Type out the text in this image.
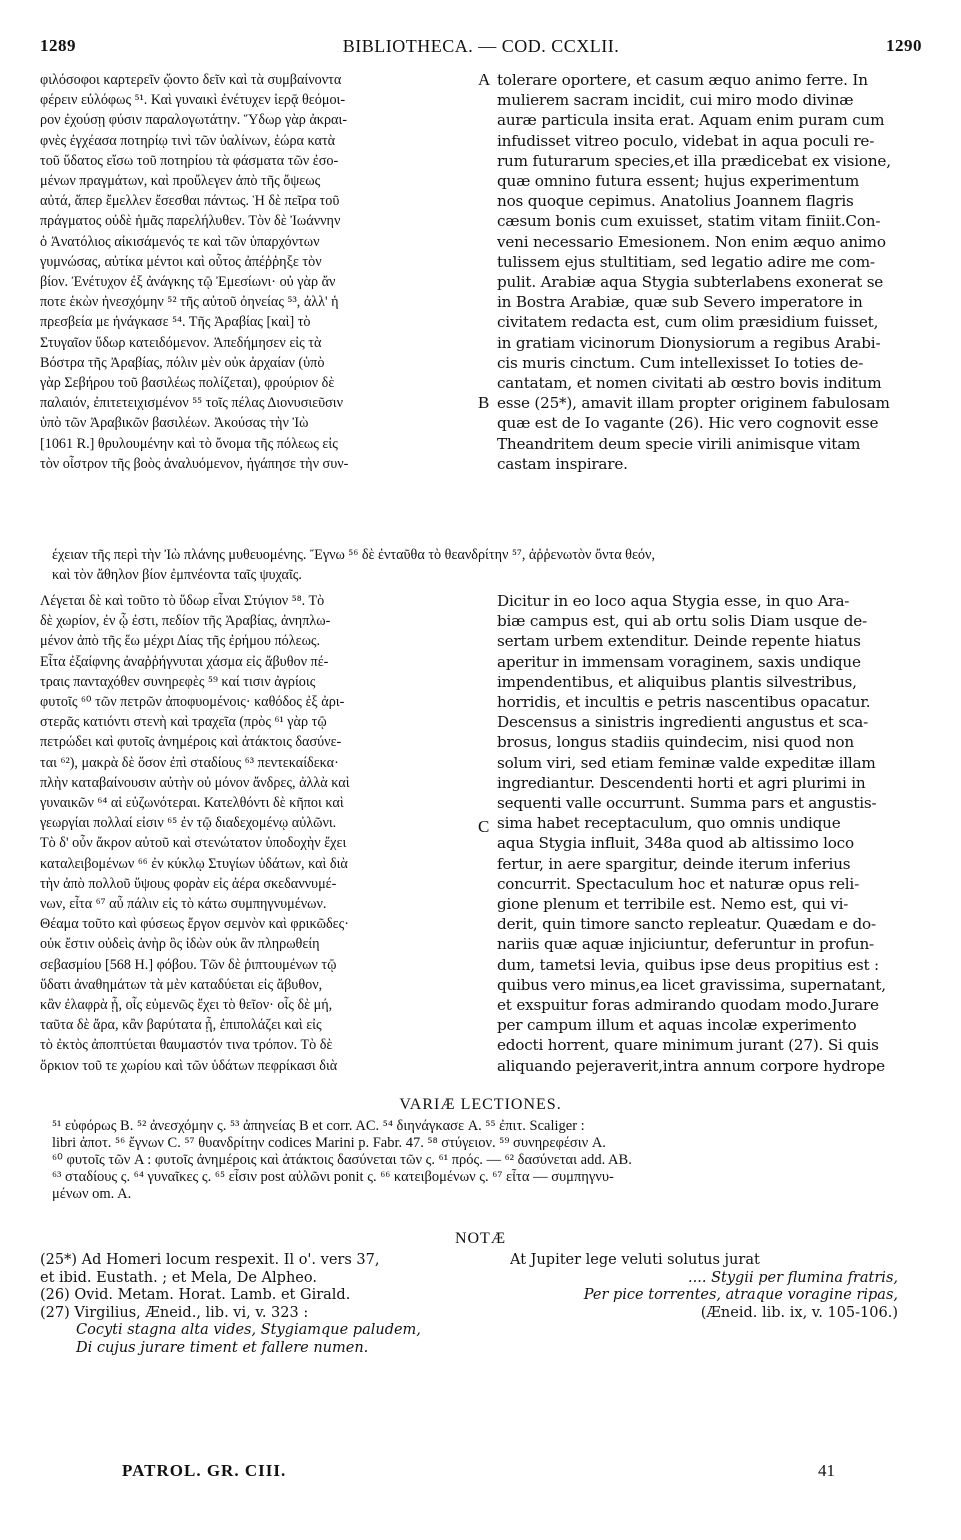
1289	BIBLIOTHECA. — COD. CCXLII.	1290
φιλόσοφοι καρτερεῖν ᾤοντο δεῖν καὶ τὰ συμβαίνοντα
φέρειν εὐλόφως ⁵¹. Καὶ γυναικὶ ἐνέτυχεν ἱερᾷ θεόμοι-
ρον ἐχούσῃ φύσιν παραλογωτάτην. Ὕδωρ γὰρ ἀκραι-
φνὲς ἐγχέασα ποτηρίῳ τινὶ τῶν ὑαλίνων, ἑώρα κατὰ
τοῦ ὕδατος εἴσω τοῦ ποτηρίου τὰ φάσματα τῶν ἐσο-
μένων πραγμάτων, καὶ προὔλεγεν ἀπὸ τῆς ὄψεως
αὐτά, ἅπερ ἔμελλεν ἔσεσθαι πάντως. Ἡ δὲ πεῖρα τοῦ
πράγματος οὐδὲ ἡμᾶς παρελήλυθεν. Τὸν δὲ Ἰωάννην
ὁ Ἀνατόλιος αἰκισάμενός τε καὶ τῶν ὑπαρχόντων
γυμνώσας, αὐτίκα μέντοι καὶ οὗτος ἀπέῤῥηξε τὸν
βίον. Ἐνέτυχον ἐξ ἀνάγκης τῷ Ἐμεσίωνι· οὐ γὰρ ἄν
ποτε ἑκὼν ἠνεσχόμην ⁵² τῆς αὐτοῦ ὀηνείας ⁵³, ἀλλ' ἡ
πρεσβεία με ἠνάγκασε ⁵⁴. Τῆς Ἀραβίας [καὶ] τὸ
Στυγαῖον ὕδωρ κατειδόμενον. Ἀπεδήμησεν εἰς τὰ
Βόστρα τῆς Ἀραβίας, πόλιν μὲν οὐκ ἀρχαίαν (ὑπὸ
γὰρ Σεβήρου τοῦ βασιλέως πολίζεται), φρούριον δὲ
παλαιόν, ἐπιτετειχισμένον ⁵⁵ τοῖς πέλας Διονυσιεῦσιν
ὑπὸ τῶν Ἀραβικῶν βασιλέων. Ἀκούσας τὴν Ἰὼ
[1061 R.] θρυλουμένην καὶ τὸ ὄνομα τῆς πόλεως εἰς
τὸν οἶστρον τῆς βοὸς ἀναλυόμενον, ἠγάπησε τὴν συν-
tolerare oportere, et casum æquo animo ferre. In
mulierem sacram incidit, cui miro modo divinæ
auræ particula insita erat. Aquam enim puram cum
infudisset vitreo poculo, videbat in aqua poculi re-
rum futurarum species,et illa prædicebat ex visione,
quæ omnino futura essent; hujus experimentum
nos quoque cepimus. Anatolius Joannem flagris
cæsum bonis cum exuisset, statim vitam finiit.Con-
veni necessario Emesionem. Non enim æquo animo
tulissem ejus stultitiam, sed legatio adire me com-
pulit. Arabiæ aqua Stygia subterlabens exonerat se
in Bostra Arabiæ, quæ sub Severo imperatore in
civitatem redacta est, cum olim præsidium fuisset,
in gratiam vicinorum Dionysiorum a regibus Arabi-
cis muris cinctum. Cum intellexisset Io toties de-
cantatam, et nomen civitati ab œstro bovis inditum
esse (25*), amavit illam propter originem fabulosam
quæ est de Io vagante (26). Hic vero cognovit esse
Theandritem deum specie virili animisque vitam
castam inspirare.
A
B
C
έχειαν τῆς περὶ τὴν Ἰὼ πλάνης μυθευομένης. Ἔγνω ⁵⁶ δὲ ἐνταῦθα τὸ θεανδρίτην ⁵⁷, ἀῤῥενωτὸν ὄντα θεόν,
καὶ τὸν ἄθηλον βίον ἐμπνέοντα ταῖς ψυχαῖς.
Λέγεται δὲ καὶ τοῦτο τὸ ὕδωρ εἶναι Στύγιον ⁵⁸. Τὸ
δὲ χωρίον, ἐν ᾧ ἐστι, πεδίον τῆς Ἀραβίας, ἀνηπλω-
μένον ἀπὸ τῆς ἕω μέχρι Δίας τῆς ἐρήμου πόλεως.
Εἶτα ἐξαίφνης ἀναῤῥήγνυται χάσμα εἰς ἄβυθον πέ-
τραις πανταχόθεν συνηρεφὲς ⁵⁹ καί τισιν ἀγρίοις
φυτοῖς ⁶⁰ τῶν πετρῶν ἀποφυομένοις· καθόδος ἐξ ἀρι-
στερᾶς κατιόντι στενὴ καὶ τραχεῖα (πρὸς ⁶¹ γὰρ τῷ
πετρώδει καὶ φυτοῖς ἀνημέροις καὶ ἀτάκτοις δασύνε-
ται ⁶²), μακρὰ δὲ ὅσον ἐπὶ σταδίους ⁶³ πεντεκαίδεκα·
πλὴν καταβαίνουσιν αὐτὴν οὐ μόνον ἄνδρες, ἀλλὰ καὶ
γυναικῶν ⁶⁴ αἱ εὐζωνότεραι. Κατελθόντι δὲ κῆποι καὶ
γεωργίαι πολλαί εἰσιν ⁶⁵ ἐν τῷ διαδεχομένῳ αὐλῶνι.
Τὸ δ' οὖν ἄκρον αὐτοῦ καὶ στενώτατον ὑποδοχὴν ἔχει
καταλειβομένων ⁶⁶ ἐν κύκλῳ Στυγίων ὑδάτων, καὶ διὰ
τὴν ἀπὸ πολλοῦ ὕψους φορὰν εἰς ἀέρα σκεδαννυμέ-
νων, εἶτα ⁶⁷ αὖ πάλιν εἰς τὸ κάτω συμπηγνυμένων.
Θέαμα τοῦτο καὶ φύσεως ἔργον σεμνὸν καὶ φρικῶδες·
οὐκ ἔστιν οὐδεὶς ἀνὴρ ὃς ἰδὼν οὐκ ἂν πληρωθείη
σεβασμίου [568 H.] φόβου. Τῶν δὲ ῥιπτουμένων τῷ
ὕδατι ἀναθημάτων τὰ μὲν καταδύεται εἰς ἄβυθον,
κἂν ἐλαφρὰ ᾖ, οἷς εὐμενῶς ἔχει τὸ θεῖον· οἷς δὲ μή,
ταῦτα δὲ ἄρα, κἂν βαρύτατα ᾖ, ἐπιπολάζει καὶ εἰς
τὸ ἐκτὸς ἀποπτύεται θαυμαστόν τινα τρόπον. Τὸ δὲ
ὅρκιον τοῦ τε χωρίου καὶ τῶν ὑδάτων πεφρίκασι διὰ
Dicitur in eo loco aqua Stygia esse, in quo Ara-
biæ campus est, qui ab ortu solis Diam usque de-
sertam urbem extenditur. Deinde repente hiatus
aperitur in immensam voraginem, saxis undique
impendentibus, et aliquibus plantis silvestribus,
horridis, et incultis e petris nascentibus opacatur.
Descensus a sinistris ingredienti angustus et sca-
brosus, longus stadiis quindecim, nisi quod non
solum viri, sed etiam feminæ valde expeditæ illam
ingrediantur. Descendenti horti et agri plurimi in
sequenti valle occurrunt. Summa pars et angustis-
sima habet receptaculum, quo omnis undique
aqua Stygia influit, 348a quod ab altissimo loco
fertur, in aere spargitur, deinde iterum inferius
concurrit. Spectaculum hoc et naturæ opus reli-
gione plenum et terribile est. Nemo est, qui vi-
derit, quin timore sancto repleatur. Quædam e do-
nariis quæ aquæ injiciuntur, deferuntur in profun-
dum, tametsi levia, quibus ipse deus propitius est :
quibus vero minus,ea licet gravissima, supernatant,
et exspuitur foras admirando quodam modo.Jurare
per campum illum et aquas incolæ experimento
edocti horrent, quare minimum jurant (27). Si quis
aliquando pejeraverit,intra annum corpore hydrope
VARIÆ LECTIONES.
⁵¹ εὐφόρως B. ⁵² ἀνεσχόμην ς. ⁵³ ἀπηνείας B et corr. AC. ⁵⁴ διηνάγκασε A. ⁵⁵ ἐπιτ. Scaliger :
libri ἀποτ. ⁵⁶ ἔγνων C. ⁵⁷ θυανδρίτην codices Marini p. Fabr. 47. ⁵⁸ στύγειον. ⁵⁹ συνηρεφέσιν A.
⁶⁰ φυτοῖς τῶν A : φυτοῖς ἀνημέροις καὶ ἀτάκτοις δασύνεται τῶν ς. ⁶¹ πρός. — ⁶² δασύνεται add. AB.
⁶³ σταδίους ς. ⁶⁴ γυναῖκες ς. ⁶⁵ εἶσιν post αὐλῶνι ponit ς. ⁶⁶ κατειβομένων ς. ⁶⁷ εἶτα — συμπηγνυ-
μένων om. A.
NOTÆ
(25*) Ad Homeri locum respexit. Il o'. vers 37,
et ibid. Eustath. ; et Mela, De Alpheo.
(26) Ovid. Metam. Horat. Lamb. et Girald.
(27) Virgilius, Æneid., lib. vi, v. 323 :
Cocyti stagna alta vides, Stygiamque paludem,
Di cujus jurare timent et fallere numen.
At Jupiter lege veluti solutus jurat
.... Stygii per flumina fratris,
Per pice torrentes, atraque voragine ripas,
(Æneid. lib. ix, v. 105-106.)
PATROL. GR. CIII.	41
